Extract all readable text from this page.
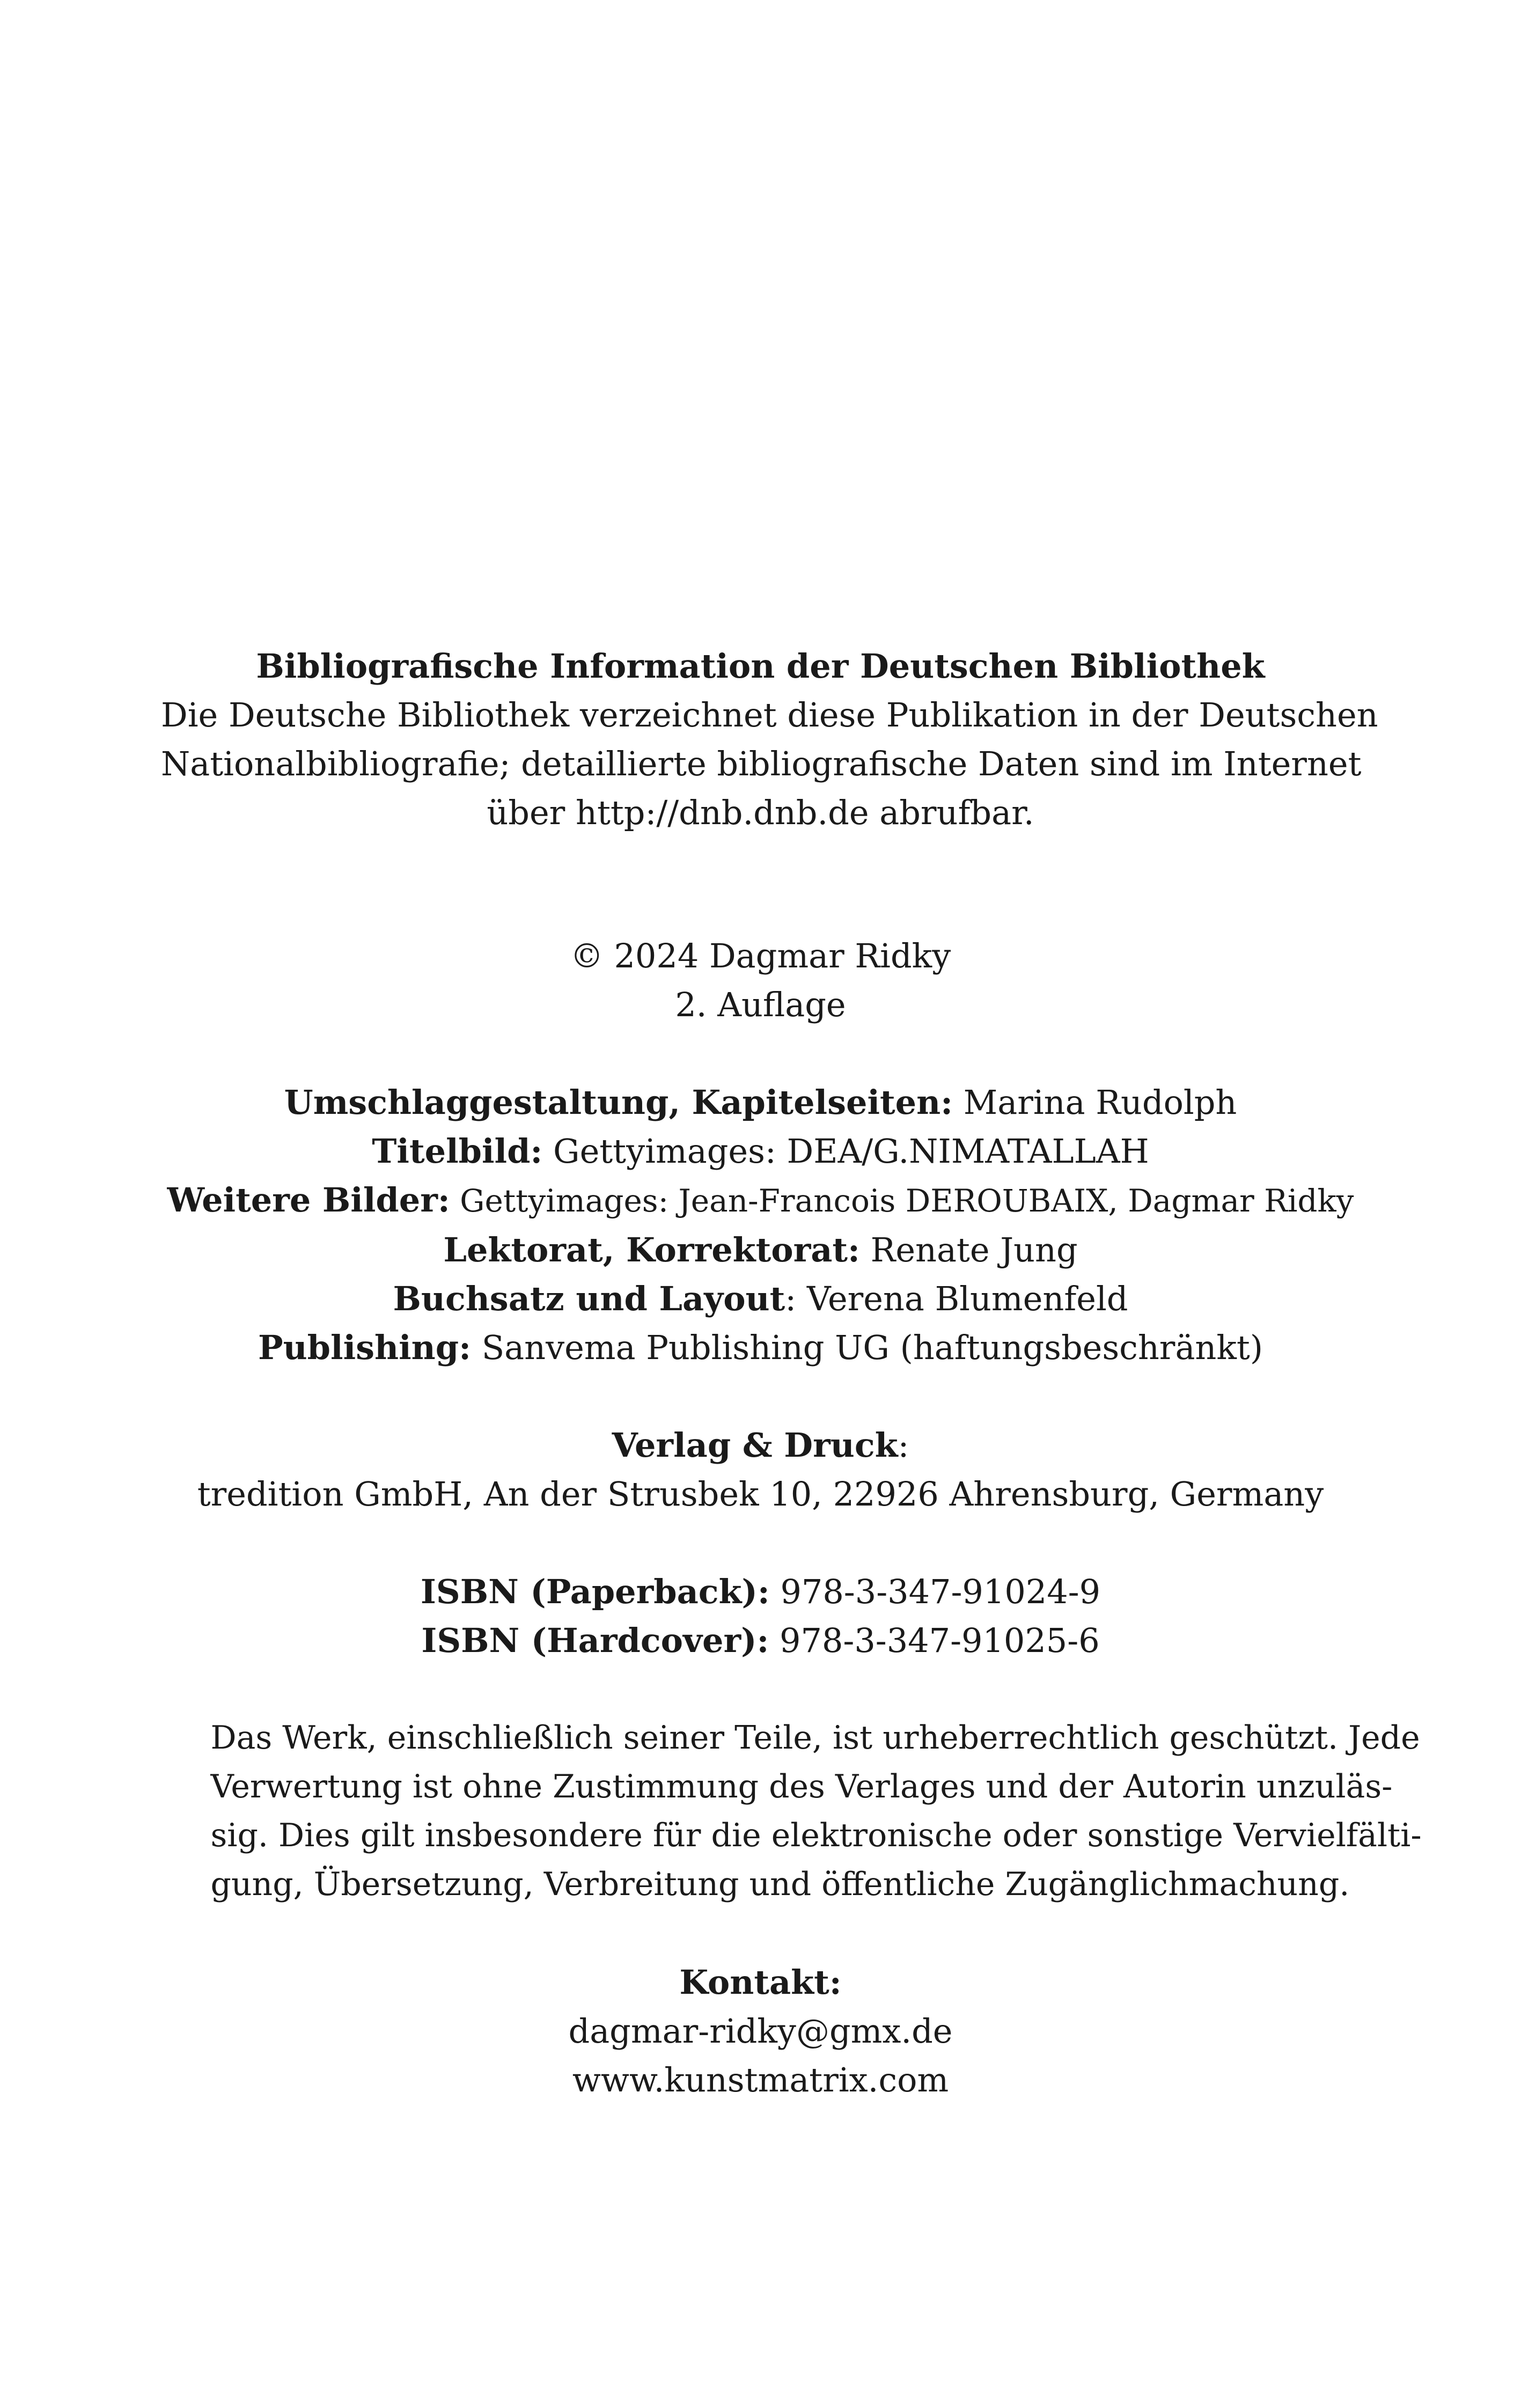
Bibliografische Information der Deutschen Bibliothek
Die Deutsche Bibliothek verzeichnet diese Publikation in der Deutschen
Nationalbibliografie; detaillierte bibliografische Daten sind im Internet
über http://dnb.dnb.de abrufbar.
© 2024 Dagmar Ridky
2. Auflage
Umschlaggestaltung, Kapitelseiten: Marina Rudolph
Titelbild: Gettyimages: DEA/G.NIMATALLAH
Weitere Bilder: Gettyimages: Jean-Francois DEROUBAIX, Dagmar Ridky
Lektorat, Korrektorat: Renate Jung
Buchsatz und Layout: Verena Blumenfeld
Publishing: Sanvema Publishing UG (haftungsbeschränkt)
Verlag & Druck:
tredition GmbH, An der Strusbek 10, 22926 Ahrensburg, Germany
ISBN (Paperback): 978-3-347-91024-9
ISBN (Hardcover): 978-3-347-91025-6
Das Werk, einschließlich seiner Teile, ist urheberrechtlich geschützt. Jede
Verwertung ist ohne Zustimmung des Verlages und der Autorin unzuläs-
sig. Dies gilt insbesondere für die elektronische oder sonstige Vervielfälti-
gung, Übersetzung, Verbreitung und öffentliche Zugänglichmachung.
Kontakt:
dagmar-ridky@gmx.de
www.kunstmatrix.com
